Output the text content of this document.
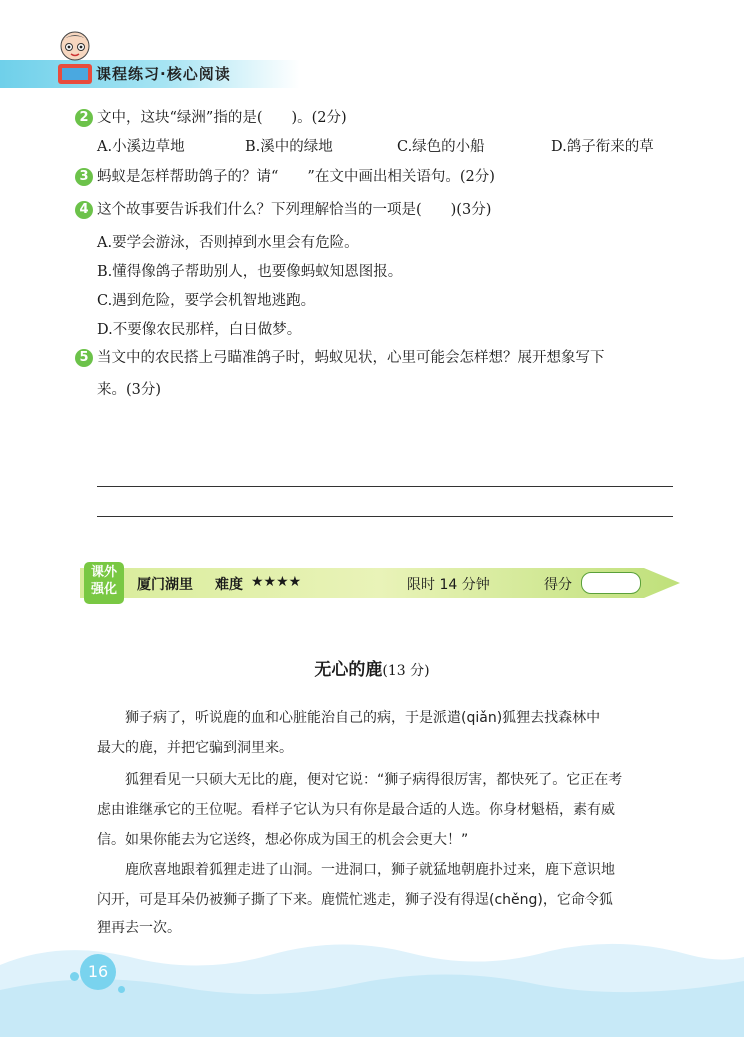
课程练习·核心阅读
2 文中，这块“绿洲”指的是(　　)。(2分)
A.小溪边草地	B.溪中的绿地	C.绿色的小船	D.鸽子衔来的草
3 蚂蚁是怎样帮助鸽子的？请“　　”在文中画出相关语句。(2分)
4 这个故事要告诉我们什么？下列理解恰当的一项是(　　)(3分)
A.要学会游泳，否则掉到水里会有危险。
B.懂得像鸽子帮助别人，也要像蚂蚁知恩图报。
C.遇到危险，要学会机智地逃跑。
D.不要像农民那样，白日做梦。
5 当文中的农民搭上弓瞄准鸽子时，蚂蚁见状，心里可能会怎样想？展开想象写下
来。(3分)
课外
强化	厦门湖里 难度 ★★★★	限时 14 分钟	得分
无心的鹿(13 分)
狮子病了，听说鹿的血和心脏能治自己的病，于是派遣(qiǎn)狐狸去找森林中
最大的鹿，并把它骗到洞里来。
狐狸看见一只硕大无比的鹿，便对它说：“狮子病得很厉害，都快死了。它正在考
虑由谁继承它的王位呢。看样子它认为只有你是最合适的人选。你身材魁梧，素有威
信。如果你能去为它送终，想必你成为国王的机会会更大！”
鹿欣喜地跟着狐狸走进了山洞。一进洞口，狮子就猛地朝鹿扑过来，鹿下意识地
闪开，可是耳朵仍被狮子撕了下来。鹿慌忙逃走，狮子没有得逞(chěng)，它命令狐
狸再去一次。
16
